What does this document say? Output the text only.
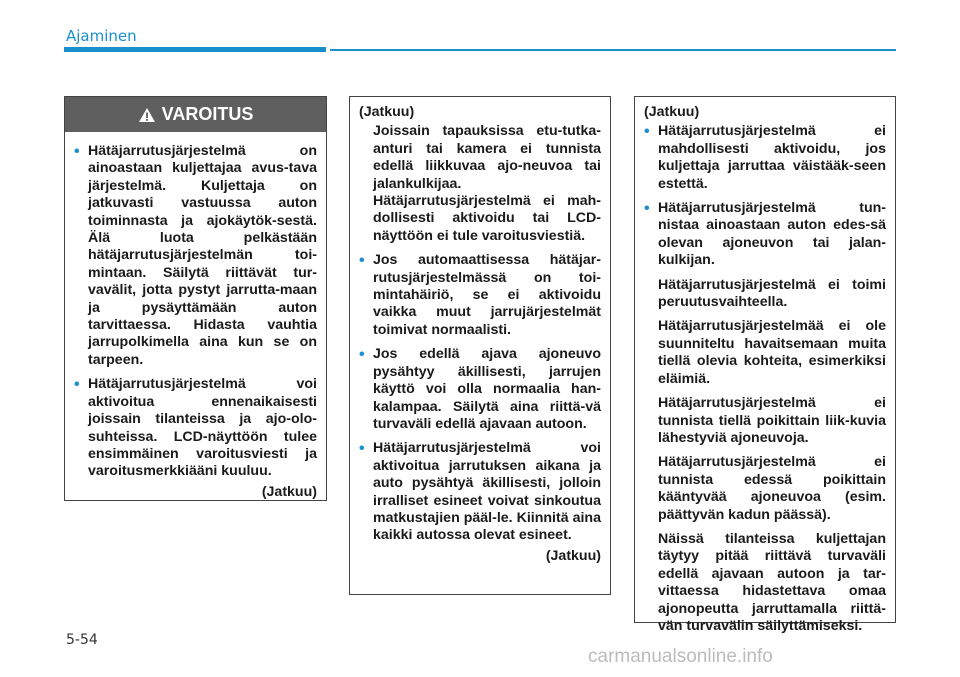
Ajaminen
VAROITUS
• Hätäjarrutusjärjestelmä on ainoastaan kuljettajaa avus-tava järjestelmä. Kuljettaja on jatkuvasti vastuussa auton toiminnasta ja ajokäytök-sestä. Älä luota pelkästään hätäjarrutusjärjestelmän toi-mintaan. Säilytä riittävät tur-vavälit, jotta pystyt jarrutta-maan ja pysäyttämään auton tarvittaessa. Hidasta vauhtia jarrupolkimella aina kun se on tarpeen.
• Hätäjarrutusjärjestelmä voi aktivoitua ennenaikaisesti joissain tilanteissa ja ajo-olo-suhteissa. LCD-näyttöön tulee ensimmäinen varoitusviesti ja varoitusmerkkiääni kuuluu.
(Jatkuu)
(Jatkuu)
Joissain tapauksissa etu-tutka-anturi tai kamera ei tunnista edellä liikkuvaa ajo-neuvoa tai jalankulkijaa. Hätäjarrutusjärjestelmä ei mah-dollisesti aktivoidu tai LCD-näyttöön ei tule varoitusviestiä.
• Jos automaattisessa hätäjar-rutusjärjestelmässä on toi-mintahäiriö, se ei aktivoidu vaikka muut jarrujärjestelmät toimivat normaalisti.
• Jos edellä ajava ajoneuvo pysähtyy äkillisesti, jarrujen käyttö voi olla normaalia han-kalampaa. Säilytä aina riittä-vä turvaväli edellä ajavaan autoon.
• Hätäjarrutusjärjestelmä voi aktivoitua jarrutuksen aikana ja auto pysähtyä äkillisesti, jolloin irralliset esineet voivat sinkoutua matkustajien pääl-le. Kiinnitä aina kaikki autossa olevat esineet.
(Jatkuu)
(Jatkuu)
• Hätäjarrutusjärjestelmä ei mahdollisesti aktivoidu, jos kuljettaja jarruttaa väistääk-seen estettä.
• Hätäjarrutusjärjestelmä tun-nistaa ainoastaan auton edes-sä olevan ajoneuvon tai jalan-kulkijan.
Hätäjarrutusjärjestelmä ei toimi peruutusvaihteella.
Hätäjarrutusjärjestelmää ei ole suunniteltu havaitsemaan muita tiellä olevia kohteita, esimerkiksi eläimiä.
Hätäjarrutusjärjestelmä ei tunnista tiellä poikittain liik-kuvia lähestyviä ajoneuvoja.
Hätäjarrutusjärjestelmä ei tunnista edessä poikittain kääntyvää ajoneuvoa (esim. päättyvän kadun päässä).
Näissä tilanteissa kuljettajan täytyy pitää riittävä turvaväli edellä ajavaan autoon ja tar-vittaessa hidastettava omaa ajonopeutta jarruttamalla riittä-vän turvavälin säilyttämiseksi.
5-54
carmanualsonline.info
